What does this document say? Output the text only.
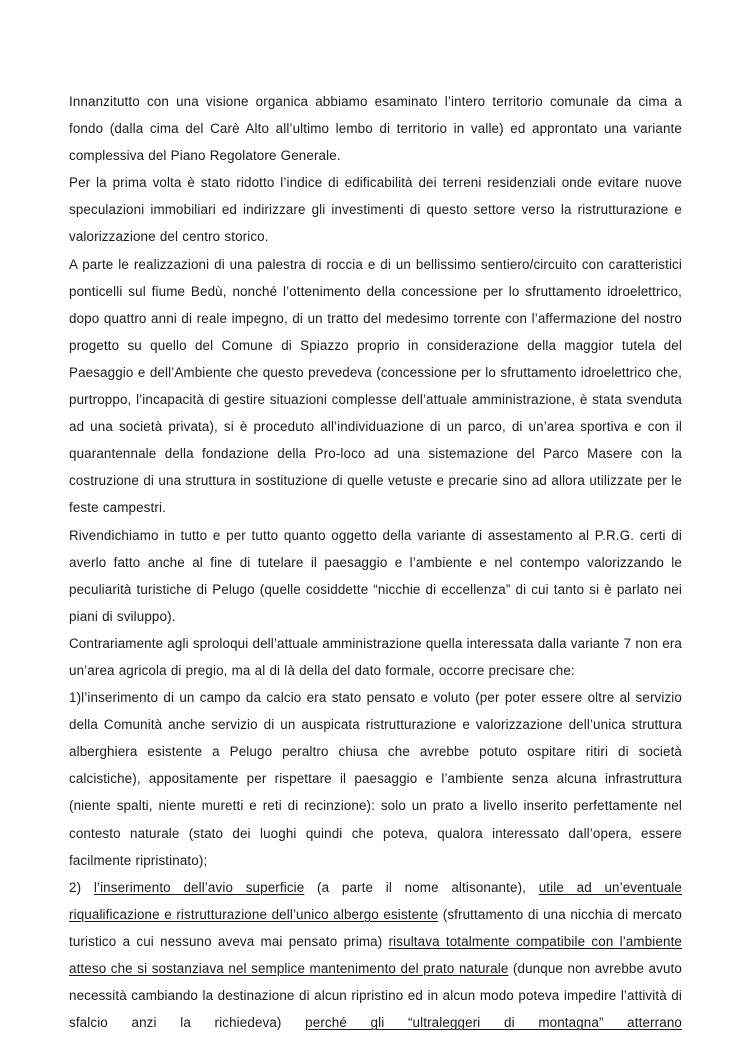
Innanzitutto con una visione organica abbiamo esaminato l’intero territorio comunale da cima a fondo (dalla cima del Carè Alto all’ultimo lembo di territorio in valle) ed approntato una variante complessiva del Piano Regolatore Generale.

Per la prima volta è stato ridotto l’indice di edificabilità dei terreni residenziali onde evitare nuove speculazioni immobiliari ed indirizzare gli investimenti di questo settore verso la ristrutturazione e valorizzazione del centro storico.

A parte le realizzazioni di una palestra di roccia e di un bellissimo sentiero/circuito con caratteristici ponticelli sul fiume Bedù, nonché l’ottenimento della concessione per lo sfruttamento idroelettrico, dopo quattro anni di reale impegno, di un tratto del medesimo torrente con l’affermazione del nostro progetto su quello del Comune di Spiazzo proprio in considerazione della maggior tutela del Paesaggio e dell’Ambiente che questo prevedeva (concessione per lo sfruttamento idroelettrico che, purtroppo, l’incapacità di gestire situazioni complesse dell’attuale amministrazione, è stata svenduta ad una società privata), si è proceduto all’individuazione di un parco, di un’area sportiva e con il quarantennale della fondazione della Pro-loco ad una sistemazione del Parco Masere con la costruzione di una struttura in sostituzione di quelle vetuste e precarie sino ad allora utilizzate per le feste campestri.

Rivendichiamo in tutto e per tutto quanto oggetto della variante di assestamento al P.R.G. certi di averlo fatto anche al fine di tutelare il paesaggio e l’ambiente e nel contempo valorizzando le peculiarità turistiche di Pelugo (quelle cosiddette “nicchie di eccellenza” di cui tanto si è parlato nei piani di sviluppo).

Contrariamente agli sproloqui dell’attuale amministrazione quella interessata dalla variante 7 non era un’area agricola di pregio, ma al di là della del dato formale, occorre precisare che:

1)l’inserimento di un campo da calcio era stato pensato e voluto (per poter essere oltre al servizio della Comunità anche servizio di un auspicata ristrutturazione e valorizzazione dell’unica struttura alberghiera esistente a Pelugo peraltro chiusa che avrebbe potuto ospitare ritiri di società calcistiche), appositamente per rispettare il paesaggio e l’ambiente senza alcuna infrastruttura (niente spalti, niente muretti e reti di recinzione): solo un prato a livello inserito perfettamente nel contesto naturale (stato dei luoghi quindi che poteva, qualora interessato dall’opera, essere facilmente ripristinato);

2) l’inserimento dell’avio superficie (a parte il nome altisonante), utile ad un’eventuale riqualificazione e ristrutturazione dell’unico albergo esistente (sfruttamento di una nicchia di mercato turistico a cui nessuno aveva mai pensato prima) risultava totalmente compatibile con l’ambiente atteso che si sostanziava nel semplice mantenimento del prato naturale (dunque non avrebbe avuto necessità cambiando la destinazione di alcun ripristino ed in alcun modo poteva impedire l’attività di sfalcio anzi la richiedeva) perché gli “ultraleggeri di montagna” atterrano
